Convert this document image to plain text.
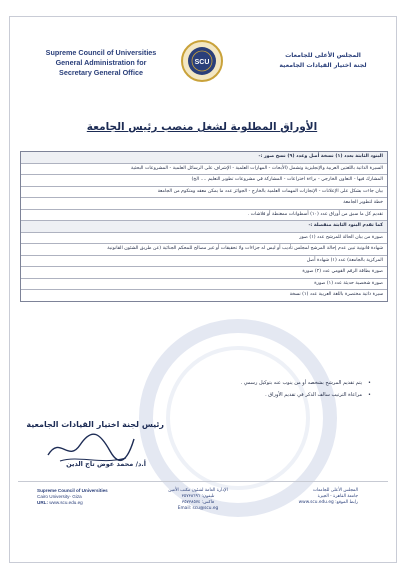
Supreme Council of Universities
General Administration for
Secretary General Office
SCU
المجلس الأعلى للجامعات
لجنة اختيار القيادات الجامعية
الأوراق المطلوبة لشغل منصب رئيس الجامعة
البنود الثابتة بعدد (١) نسخة أصل وعدد (٩) نسخ صور :-
السيرة الذاتية باللغتين العربية والإنجليزية وتشمل (الأبحاث - المهارات العلمية - الإشراف على الرسائل العلمية - المشروعات البحثية
المشارك فيها - التعاون الخارجي - براءة اختراعات - المشاركة في مشروعات تطوير التعليم .... الخ)
بيان جاءت بشكل على الإعلانات - الإنجازات المهمات العلمية بالخارج - الجوائز عدد ما يمكن معقد ومتكوم من الجامعة
خطة لتطوير الجامعة
تقديم كل ما سبق من أوراق عدد (١٠) أسطوانات ممغنطة أو فلاشات .
كما تقدم البنود الثابتة منفصلة :-
صورة من بيان الحالة للمرشح عدد (١) صور
شهادة قانونية تبين عدم إحالة المرشح لمجلس تأديب أو ليس له جزاءات ولا تحقيقات أو غير مصالح للمحكم الجنائية (عن طريق الشئون القانونية
المركزية بالجامعة) عدد (١) شهادة أصل
صورة بطاقة الرقم القومي عدد (٢) صورة
صورة شخصية حديثة عدد (١) صورة
سيرة ذاتية مختصرة باللغة العربية عدد (١) نسخة
• يتم تقديم المرشح بشخصه أو من ينوب عنه بتوكيل رسمي .
• مراعاة الترتيب سالف الذكر في تقديم الأوراق .
رئيس لجنة اختيار القيادات الجامعية
أ.د/ محمد عوض تاج الدين
Supreme Council of Universities
Cairo University- Giza
URL: www.scu.edu.eg
الإدارة العامة لشئون مكتب الأمين
تليفون: ٣٥٧٣٨٦٩٦
فاكس: ٣٥٧٣٨٥٧٤
Email: scu@scu.eg
المجلس الأعلى للجامعات
جامعة القاهرة - الجيزة
رابط الموقع: www.scu.edu.eg
